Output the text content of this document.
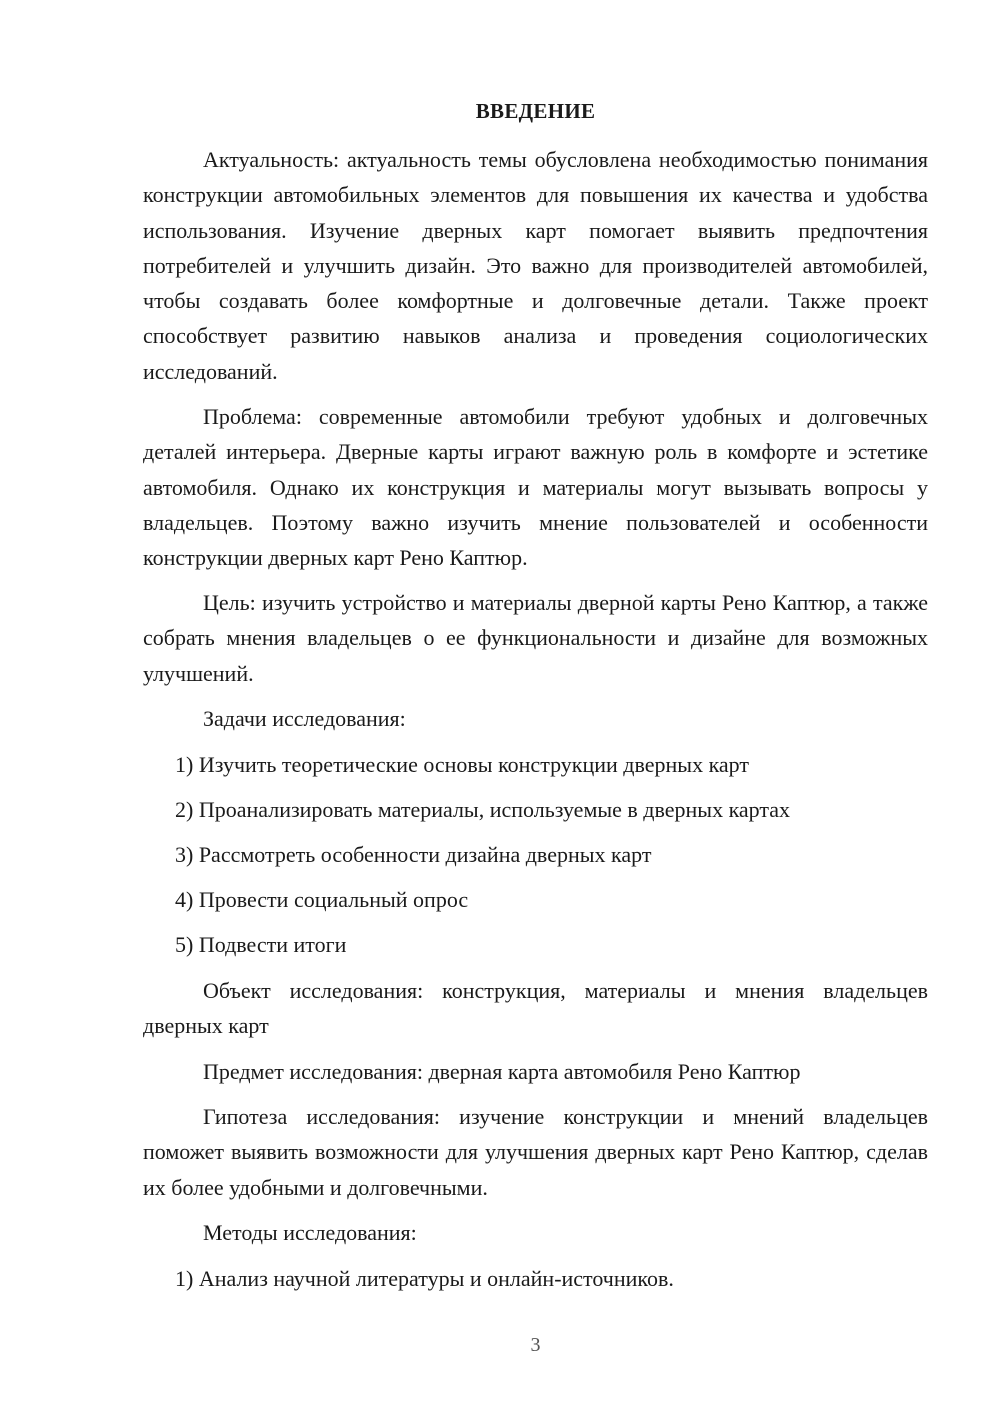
ВВЕДЕНИЕ

Актуальность: актуальность темы обусловлена необходимостью понимания конструкции автомобильных элементов для повышения их качества и удобства использования. Изучение дверных карт помогает выявить предпочтения потребителей и улучшить дизайн. Это важно для производителей автомобилей, чтобы создавать более комфортные и долговечные детали. Также проект способствует развитию навыков анализа и проведения социологических исследований.

Проблема: современные автомобили требуют удобных и долговечных деталей интерьера. Дверные карты играют важную роль в комфорте и эстетике автомобиля. Однако их конструкция и материалы могут вызывать вопросы у владельцев. Поэтому важно изучить мнение пользователей и особенности конструкции дверных карт Рено Каптюр.

Цель: изучить устройство и материалы дверной карты Рено Каптюр, а также собрать мнения владельцев о ее функциональности и дизайне для возможных улучшений.

Задачи исследования:

1) Изучить теоретические основы конструкции дверных карт

2) Проанализировать материалы, используемые в дверных картах

3) Рассмотреть особенности дизайна дверных карт

4) Провести социальный опрос

5) Подвести итоги

Объект исследования: конструкция, материалы и мнения владельцев дверных карт

Предмет исследования: дверная карта автомобиля Рено Каптюр

Гипотеза исследования: изучение конструкции и мнений владельцев поможет выявить возможности для улучшения дверных карт Рено Каптюр, сделав их более удобными и долговечными.

Методы исследования:

1) Анализ научной литературы и онлайн-источников.

3
